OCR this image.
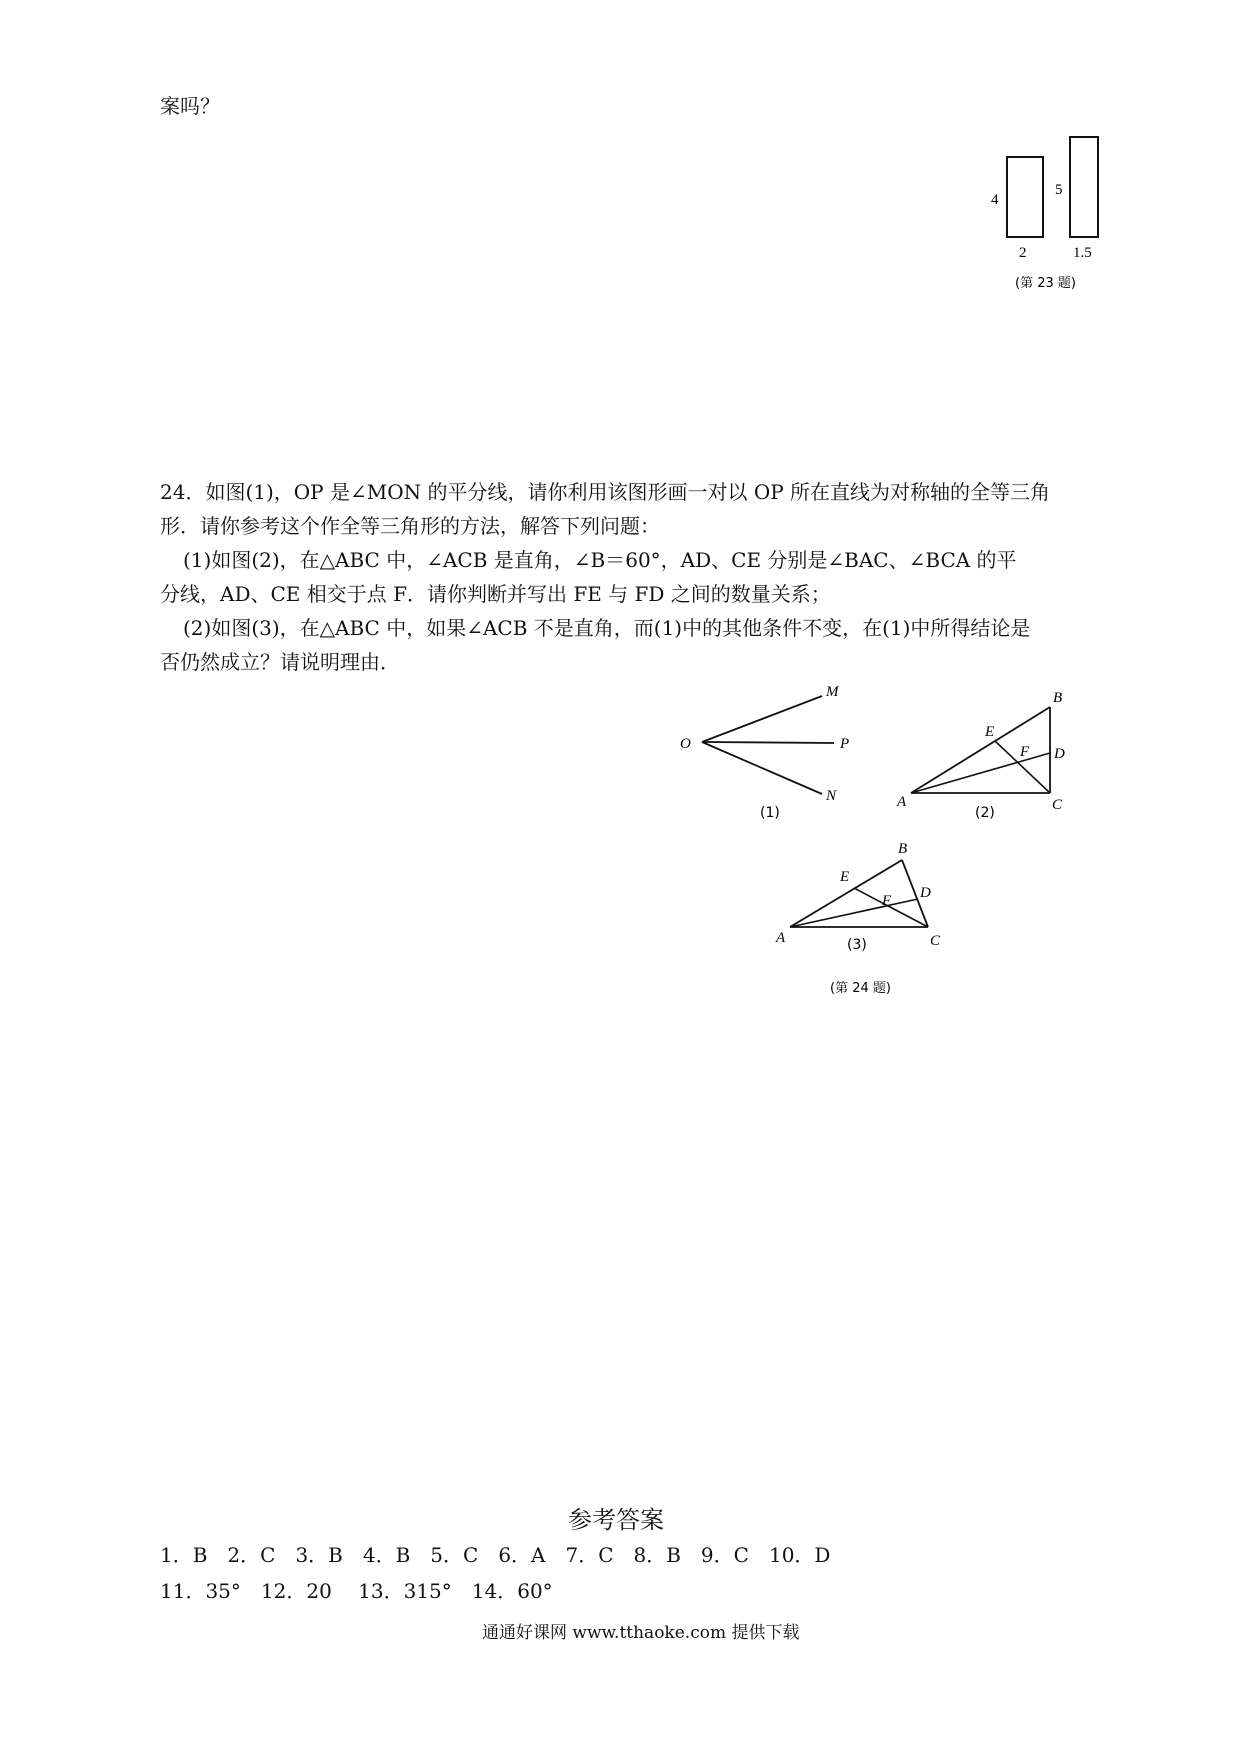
案吗？
4
2
5
1.5
(第 23 题)
24．如图(1)，OP 是∠MON 的平分线，请你利用该图形画一对以 OP 所在直线为对称轴的全等三角
形．请你参考这个作全等三角形的方法，解答下列问题：
(1)如图(2)，在△ABC 中，∠ACB 是直角，∠B＝60°，AD、CE 分别是∠BAC、∠BCA 的平
分线，AD、CE 相交于点 F．请你判断并写出 FE 与 FD 之间的数量关系；
(2)如图(3)，在△ABC 中，如果∠ACB 不是直角，而(1)中的其他条件不变，在(1)中所得结论是
否仍然成立？请说明理由．
O
M
P
N
(1)
B
E
F D
A	C
(2)
B
E
F D
A	C
(3)
(第 24 题)
参考答案
1．B　2．C　3．B　4．B　5．C　6．A　7．C　8．B　9．C　10．D
11．35°　12．20　 13．315°　14．60°
通通好课网 www.tthaoke.com 提供下载
